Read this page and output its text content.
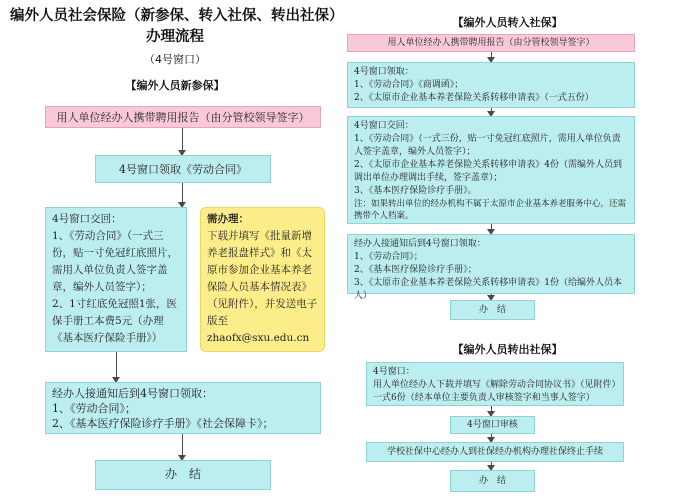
编外人员社会保险（新参保、转入社保、转出社保）
办理流程
（4号窗口）
【编外人员新参保】
用人单位经办人携带聘用报告（由分管校领导签字）
4号窗口领取《劳动合同》
4号窗口交回：
1、《劳动合同》（一式三份，贴一寸免冠红底照片，需用人单位负责人签字盖章，编外人员签字）；
2、1寸红底免冠照1张，医保手册工本费5元（办理《基本医疗保险手册》）
需办理：
下载并填写《批量新增养老报盘样式》和《太原市参加企业基本养老保险人员基本情况表》（见附件），并发送电子版至zhaofx@sxu.edu.cn
经办人接通知后到4号窗口领取：
1、《劳动合同》；
2、《基本医疗保险诊疗手册》《社会保障卡》；
办　结
【编外人员转入社保】
用人单位经办人携带聘用报告（由分管校领导签字）
4号窗口领取：
1、《劳动合同》《商调函》；
2、《太原市企业基本养老保险关系转移申请表》（一式五份）
4号窗口交回：
1、《劳动合同》（一式三份，贴一寸免冠红底照片，需用人单位负责人签字盖章，编外人员签字）；
2、《太原市企业基本养老保险关系转移申请表》4份（需编外人员到调出单位办理调出手续，签字盖章）；
3、《基本医疗保险诊疗手册》。
注：如果转出单位的经办机构不属于太原市企业基本养老服务中心，还需携带个人档案。
经办人接通知后到4号窗口领取：
1、《劳动合同》；
2、《基本医疗保险诊疗手册》；
3、《太原市企业基本养老保险关系转移申请表》1份（给编外人员本人）
办　结
【编外人员转出社保】
4号窗口：
用人单位经办人下载并填写《解除劳动合同协议书》（见附件）一式6份（经本单位主要负责人审核签字和当事人签字）
4号窗口审核
学校社保中心经办人到社保经办机构办理社保终止手续
办　结
